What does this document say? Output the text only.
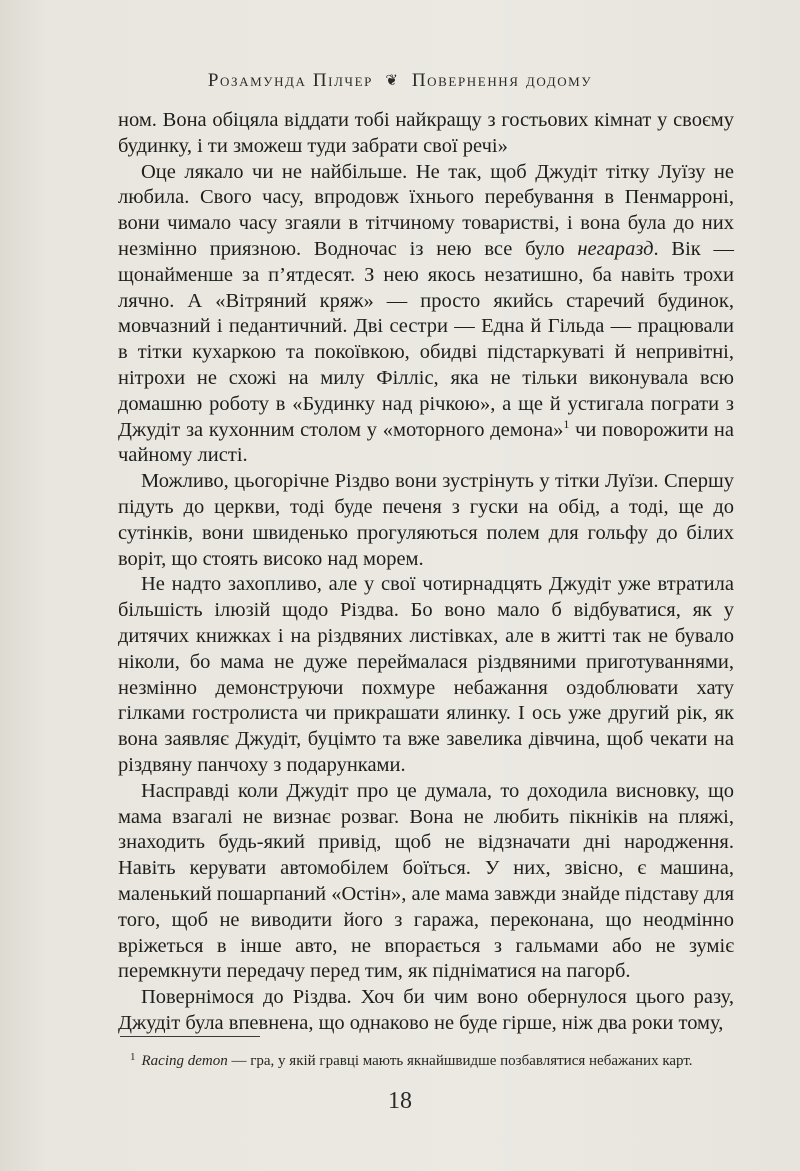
Розамунда Пілчер ❦ Повернення додому

ном. Вона обіцяла віддати тобі найкращу з гостьових кімнат у своєму будинку, і ти зможеш туди забрати свої речі»

Оце лякало чи не найбільше. Не так, щоб Джудіт тітку Луїзу не любила. Свого часу, впродовж їхнього перебування в Пенмарроні, вони чимало часу згаяли в тітчиному товаристві, і вона була до них незмінно приязною. Водночас із нею все було негаразд. Вік — щонайменше за п’ятдесят. З нею якось незатишно, ба навіть трохи лячно. А «Вітряний кряж» — просто якийсь старечий будинок, мовчазний і педантичний. Дві сестри — Една й Гільда — працювали в тітки кухаркою та покоївкою, обидві підстаркуваті й непривітні, нітрохи не схожі на милу Філліс, яка не тільки виконувала всю домашню роботу в «Будинку над річкою», а ще й устигала пограти з Джудіт за кухонним столом у «моторного демона»$^1$ чи поворожити на чайному листі.

Можливо, цьогорічне Різдво вони зустрінуть у тітки Луїзи. Спершу підуть до церкви, тоді буде печеня з гуски на обід, а тоді, ще до сутінків, вони швиденько прогуляються полем для гольфу до білих воріт, що стоять високо над морем.

Не надто захопливо, але у свої чотирнадцять Джудіт уже втратила більшість ілюзій щодо Різдва. Бо воно мало б відбуватися, як у дитячих книжках і на різдвяних листівках, але в житті так не бувало ніколи, бо мама не дуже переймалася різдвяними приготуваннями, незмінно демонструючи похмуре небажання оздоблювати хату гілками гостролиста чи прикрашати ялинку. І ось уже другий рік, як вона заявляє Джудіт, буцімто та вже завелика дівчина, щоб чекати на різдвяну панчоху з подарунками.

Насправді коли Джудіт про це думала, то доходила висновку, що мама взагалі не визнає розваг. Вона не любить пікніків на пляжі, знаходить будь-який привід, щоб не відзначати дні народження. Навіть керувати автомобілем боїться. У них, звісно, є машина, маленький пошарпаний «Остін», але мама завжди знайде підставу для того, щоб не виводити його з гаража, переконана, що неодмінно вріжеться в інше авто, не впорається з гальмами або не зуміє перемкнути передачу перед тим, як підніматися на пагорб.

Повернімося до Різдва. Хоч би чим воно обернулося цього разу, Джудіт була впевнена, що однаково не буде гірше, ніж два роки тому,

$^1$ Racing demon — гра, у якій гравці мають якнайшвидше позбавлятися небажаних карт.
18
